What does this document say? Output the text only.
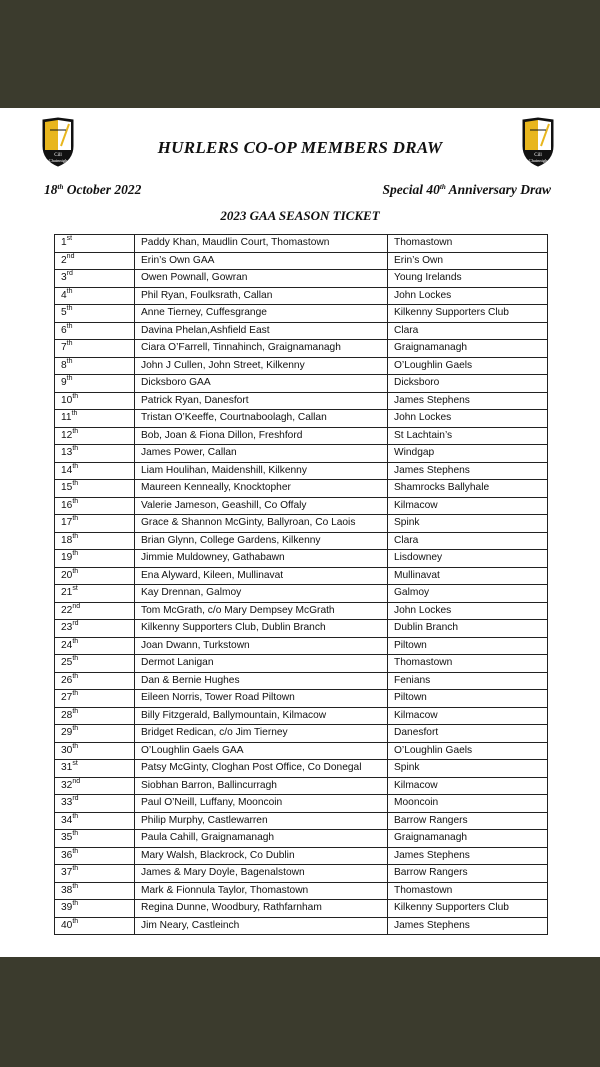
Cill
Chainnigh
Cill
Chainnigh
HURLERS CO-OP MEMBERS DRAW
18th October 2022	Special 40th Anniversary Draw
2023 GAA SEASON TICKET
1st	Paddy Khan, Maudlin Court, Thomastown	Thomastown
2nd	Erin’s Own GAA	Erin’s Own
3rd	Owen Pownall, Gowran	Young Irelands
4th	Phil Ryan, Foulksrath, Callan	John Lockes
5th	Anne Tierney, Cuffesgrange	Kilkenny Supporters Club
6th	Davina Phelan,Ashfield East	Clara
7th	Ciara O’Farrell, Tinnahinch, Graignamanagh	Graignamanagh
8th	John J Cullen, John Street, Kilkenny	O’Loughlin Gaels
9th	Dicksboro GAA	Dicksboro
10th	Patrick Ryan, Danesfort	James Stephens
11th	Tristan O’Keeffe, Courtnaboolagh, Callan	John Lockes
12th	Bob, Joan & Fiona Dillon, Freshford	St Lachtain’s
13th	James Power, Callan	Windgap
14th	Liam Houlihan, Maidenshill, Kilkenny	James Stephens
15th	Maureen Kenneally, Knocktopher	Shamrocks Ballyhale
16th	Valerie Jameson, Geashill, Co Offaly	Kilmacow
17th	Grace & Shannon McGinty, Ballyroan, Co Laois	Spink
18th	Brian Glynn, College Gardens, Kilkenny	Clara
19th	Jimmie Muldowney, Gathabawn	Lisdowney
20th	Ena Alyward, Kileen, Mullinavat	Mullinavat
21st	Kay Drennan, Galmoy	Galmoy
22nd	Tom McGrath, c/o Mary Dempsey McGrath	John Lockes
23rd	Kilkenny Supporters Club, Dublin Branch	Dublin Branch
24th	Joan Dwann, Turkstown	Piltown
25th	Dermot Lanigan	Thomastown
26th	Dan & Bernie Hughes	Fenians
27th	Eileen Norris, Tower Road Piltown	Piltown
28th	Billy Fitzgerald, Ballymountain, Kilmacow	Kilmacow
29th	Bridget Redican, c/o Jim Tierney	Danesfort
30th	O’Loughlin Gaels GAA	O’Loughlin Gaels
31st	Patsy McGinty, Cloghan Post Office, Co Donegal	Spink
32nd	Siobhan Barron, Ballincurragh	Kilmacow
33rd	Paul O’Neill, Luffany, Mooncoin	Mooncoin
34th	Philip Murphy, Castlewarren	Barrow Rangers
35th	Paula Cahill, Graignamanagh	Graignamanagh
36th	Mary Walsh, Blackrock, Co Dublin	James Stephens
37th	James & Mary Doyle, Bagenalstown	Barrow Rangers
38th	Mark & Fionnula Taylor, Thomastown	Thomastown
39th	Regina Dunne, Woodbury, Rathfarnham	Kilkenny Supporters Club
40th	Jim Neary, Castleinch	James Stephens
